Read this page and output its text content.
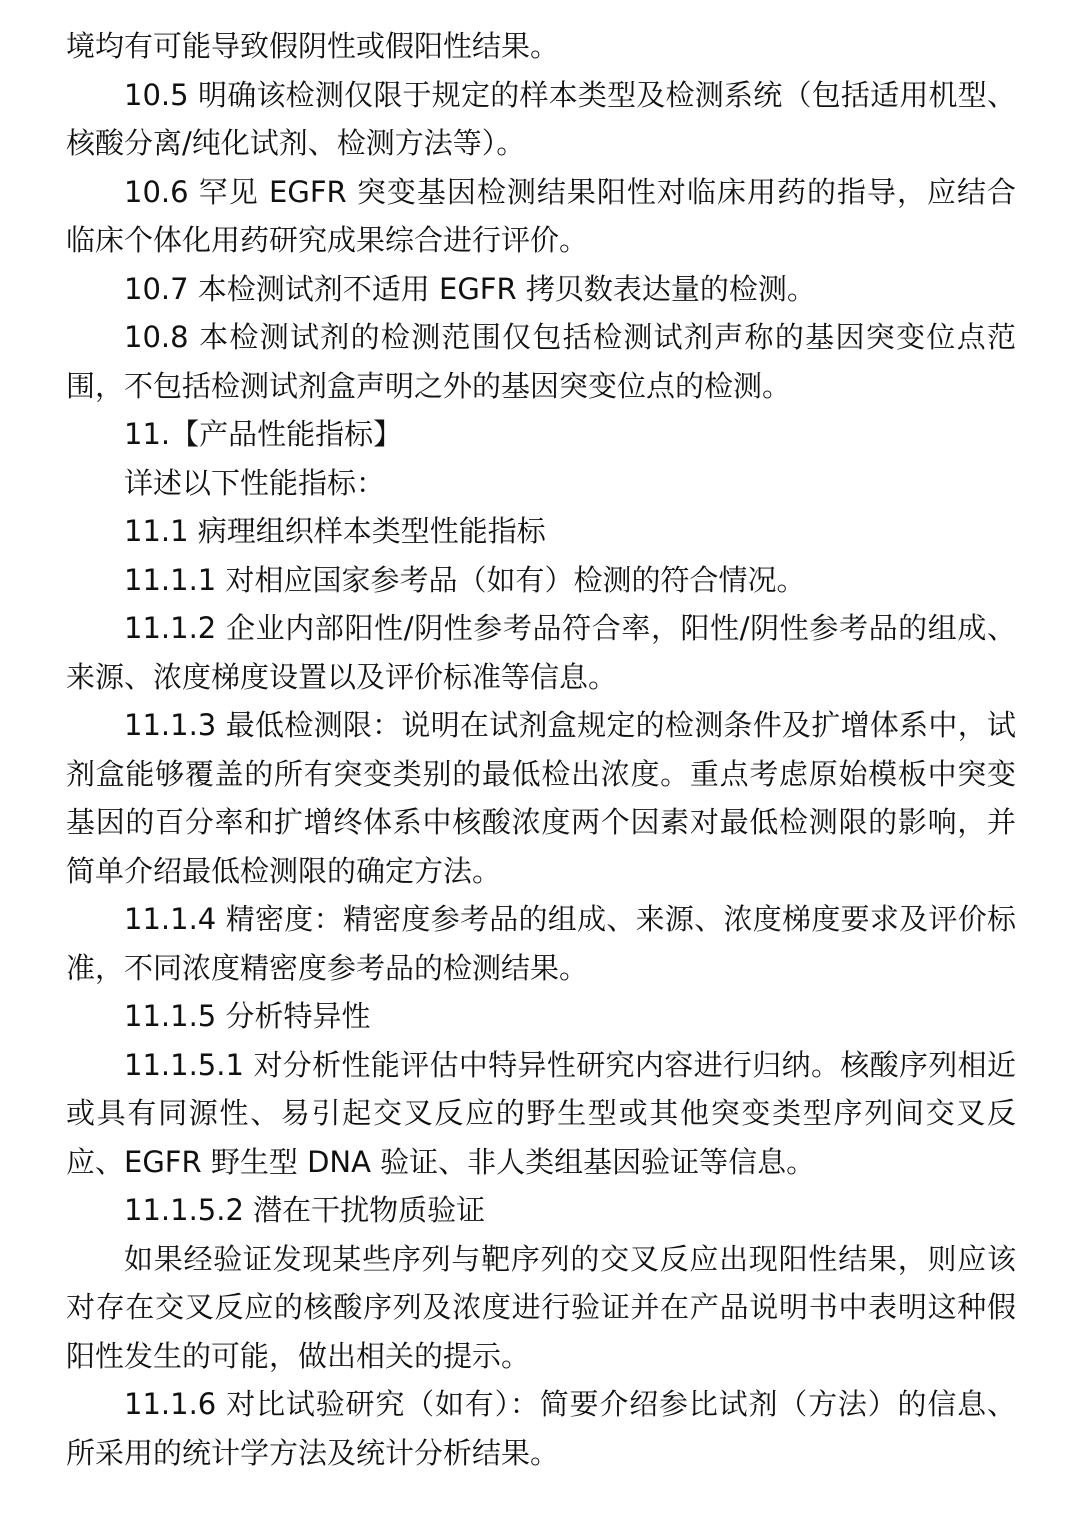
境均有可能导致假阴性或假阳性结果。

10.5 明确该检测仅限于规定的样本类型及检测系统（包括适用机型、核酸分离/纯化试剂、检测方法等）。

10.6 罕见 EGFR 突变基因检测结果阳性对临床用药的指导，应结合临床个体化用药研究成果综合进行评价。

10.7 本检测试剂不适用 EGFR 拷贝数表达量的检测。

10.8 本检测试剂的检测范围仅包括检测试剂声称的基因突变位点范围，不包括检测试剂盒声明之外的基因突变位点的检测。

11.【产品性能指标】

详述以下性能指标：

11.1 病理组织样本类型性能指标

11.1.1 对相应国家参考品（如有）检测的符合情况。

11.1.2 企业内部阳性/阴性参考品符合率，阳性/阴性参考品的组成、来源、浓度梯度设置以及评价标准等信息。

11.1.3 最低检测限：说明在试剂盒规定的检测条件及扩增体系中，试剂盒能够覆盖的所有突变类别的最低检出浓度。重点考虑原始模板中突变基因的百分率和扩增终体系中核酸浓度两个因素对最低检测限的影响，并简单介绍最低检测限的确定方法。

11.1.4 精密度：精密度参考品的组成、来源、浓度梯度要求及评价标准，不同浓度精密度参考品的检测结果。

11.1.5 分析特异性

11.1.5.1 对分析性能评估中特异性研究内容进行归纳。核酸序列相近或具有同源性、易引起交叉反应的野生型或其他突变类型序列间交叉反应、EGFR 野生型 DNA 验证、非人类组基因验证等信息。

11.1.5.2 潜在干扰物质验证

如果经验证发现某些序列与靶序列的交叉反应出现阳性结果，则应该对存在交叉反应的核酸序列及浓度进行验证并在产品说明书中表明这种假阳性发生的可能，做出相关的提示。

11.1.6 对比试验研究（如有）：简要介绍参比试剂（方法）的信息、所采用的统计学方法及统计分析结果。
